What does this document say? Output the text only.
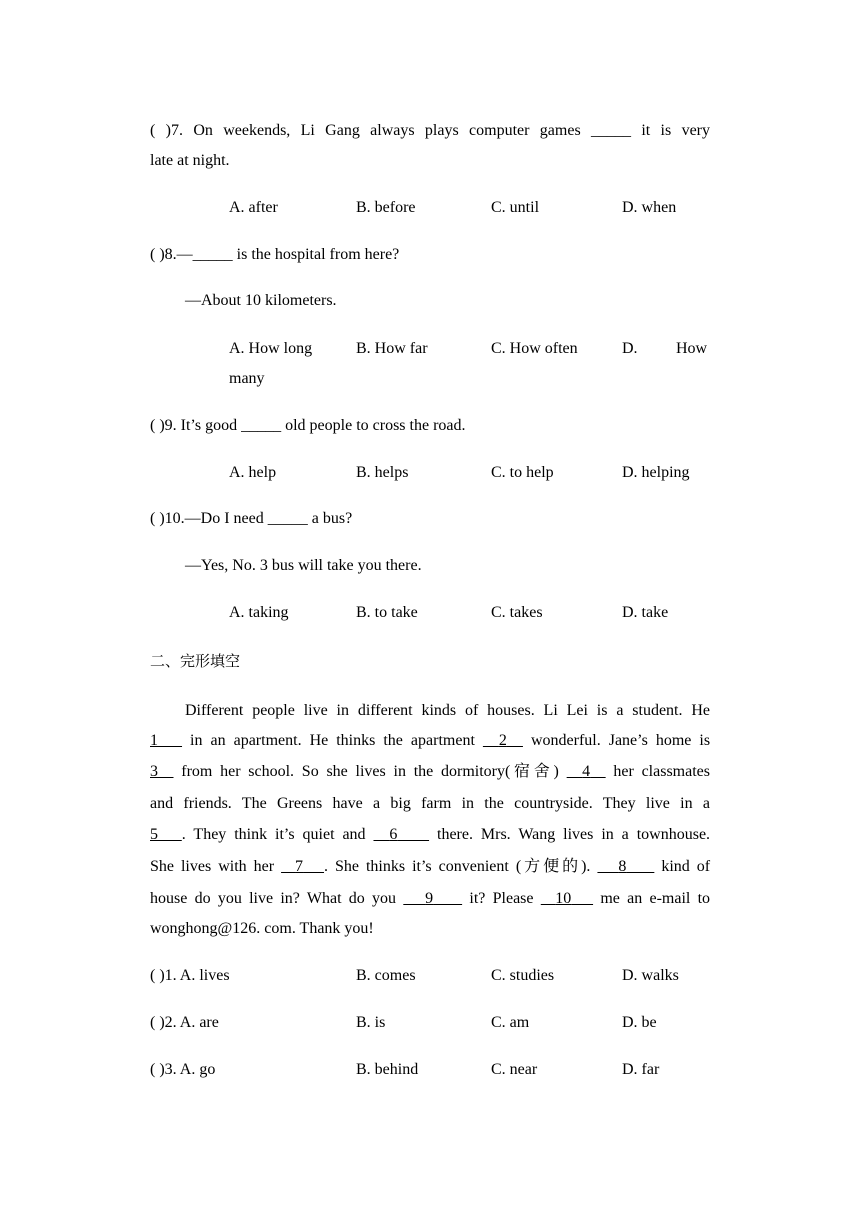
( )7. On weekends, Li Gang always plays computer games _____ it is very
late at night.
A. after	B. before	C. until	D. when
( )8.—_____ is the hospital from here?
—About 10 kilometers.
A. How long	B. How far	C. How often	D. How
many
( )9. It’s good _____ old people to cross the road.
A. help	B. helps	C. to help	D. helping
( )10.—Do I need _____ a bus?
—Yes, No. 3 bus will take you there.
A. taking	B. to take	C. takes	D. take
二、完形填空
Different people live in different kinds of houses. Li Lei is a student. He
1 in an apartment. He thinks the apartment 2 wonderful. Jane’s home is
3 from her school. So she lives in the dormitory(宿舍) 4 her classmates
and friends. The Greens have a big farm in the countryside. They live in a
5 . They think it’s quiet and 6 there. Mrs. Wang lives in a townhouse.
She lives with her 7 . She thinks it’s convenient (方便的). 8 kind of
house do you live in? What do you 9 it? Please 10 me an e-mail to
wonghong@126. com. Thank you!
( )1. A. lives	B. comes	C. studies	D. walks
( )2. A. are	B. is	C. am	D. be
( )3. A. go	B. behind	C. near	D. far
